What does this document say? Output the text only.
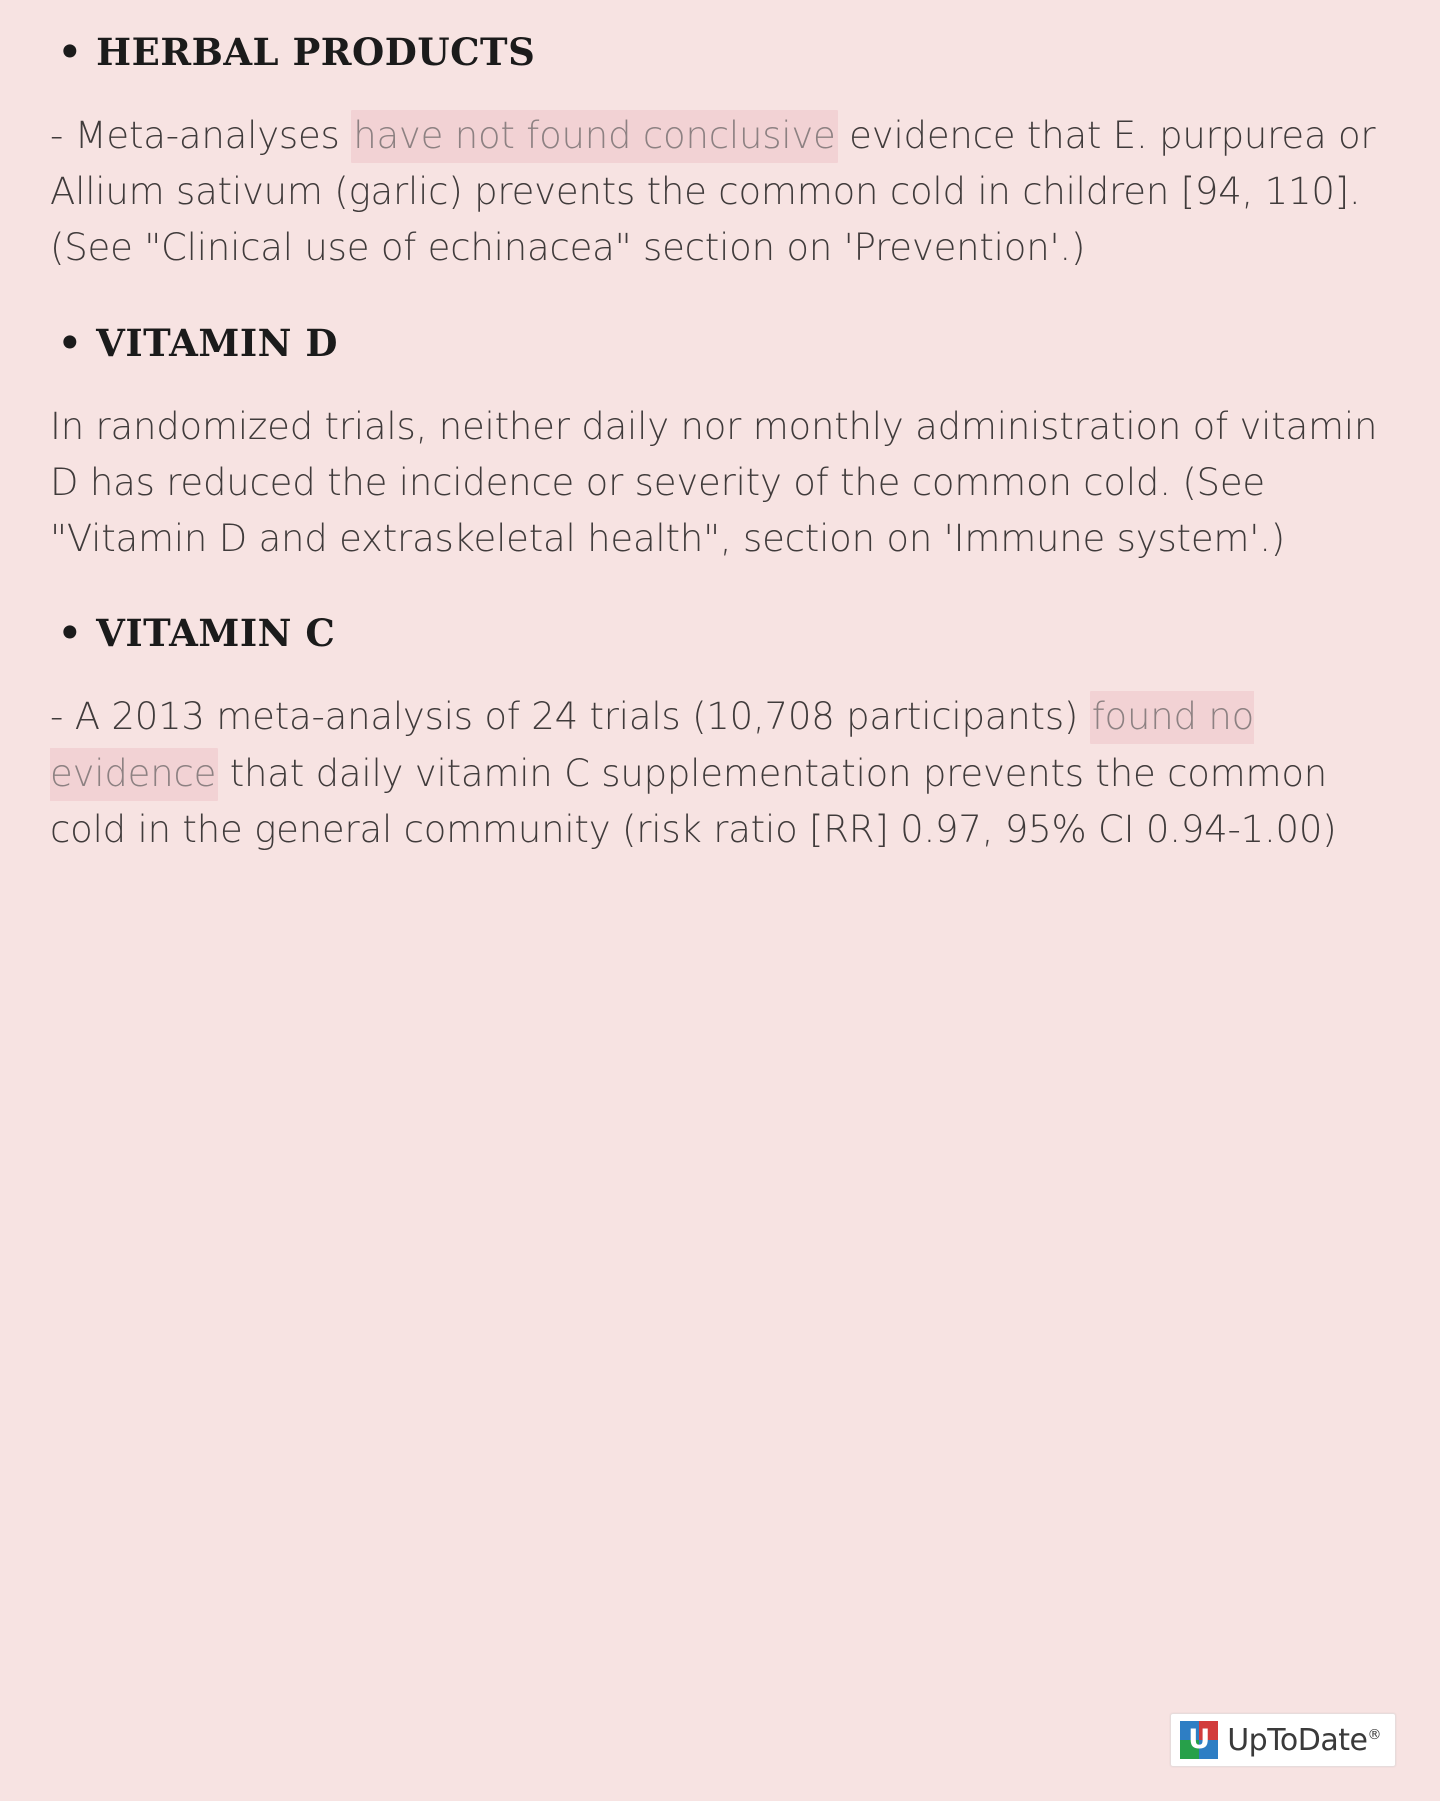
• HERBAL PRODUCTS

- Meta-analyses have not found conclusive evidence that E. purpurea or Allium sativum (garlic) prevents the common cold in children [94, 110]. (See "Clinical use of echinacea" section on 'Prevention'.)

• VITAMIN D

In randomized trials, neither daily nor monthly administration of vitamin D has reduced the incidence or severity of the common cold. (See "Vitamin D and extraskeletal health", section on 'Immune system'.)

• VITAMIN C

- A 2013 meta-analysis of 24 trials (10,708 participants) found no evidence that daily vitamin C supplementation prevents the common cold in the general community (risk ratio [RR] 0.97, 95% CI 0.94-1.00)

U UpToDate®
